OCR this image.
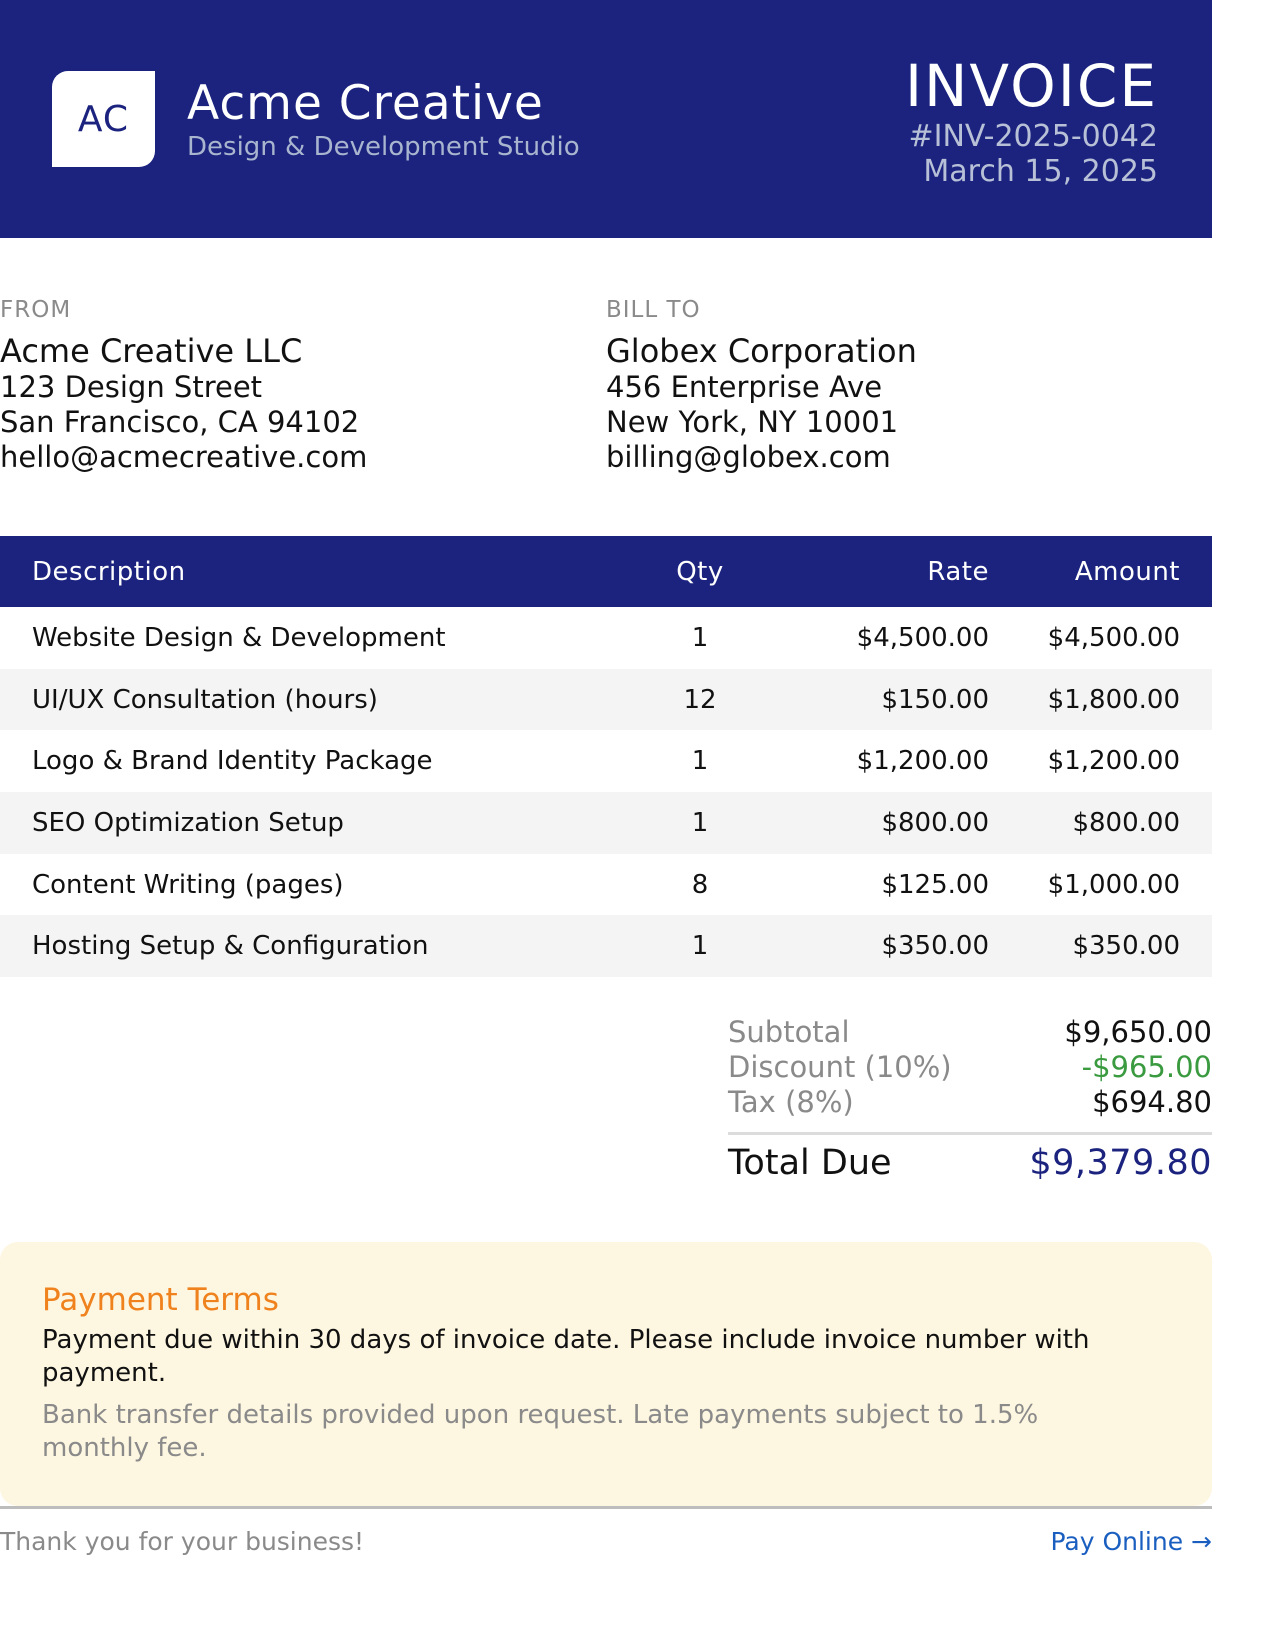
AC Acme Creative
Design & Development Studio
INVOICE
#INV-2025-0042
March 15, 2025
FROM
Acme Creative LLC
123 Design Street
San Francisco, CA 94102
hello@acmecreative.com
BILL TO
Globex Corporation
456 Enterprise Ave
New York, NY 10001
billing@globex.com
Description	Qty	Rate	Amount
Website Design & Development	1	$4,500.00	$4,500.00
UI/UX Consultation (hours)	12	$150.00	$1,800.00
Logo & Brand Identity Package	1	$1,200.00	$1,200.00
SEO Optimization Setup	1	$800.00	$800.00
Content Writing (pages)	8	$125.00	$1,000.00
Hosting Setup & Configuration	1	$350.00	$350.00
Subtotal	$9,650.00
Discount (10%)	-$965.00
Tax (8%)	$694.80
Total Due	$9,379.80
Payment Terms
Payment due within 30 days of invoice date. Please include invoice number with payment.
Bank transfer details provided upon request. Late payments subject to 1.5% monthly fee.
Thank you for your business!	Pay Online →
